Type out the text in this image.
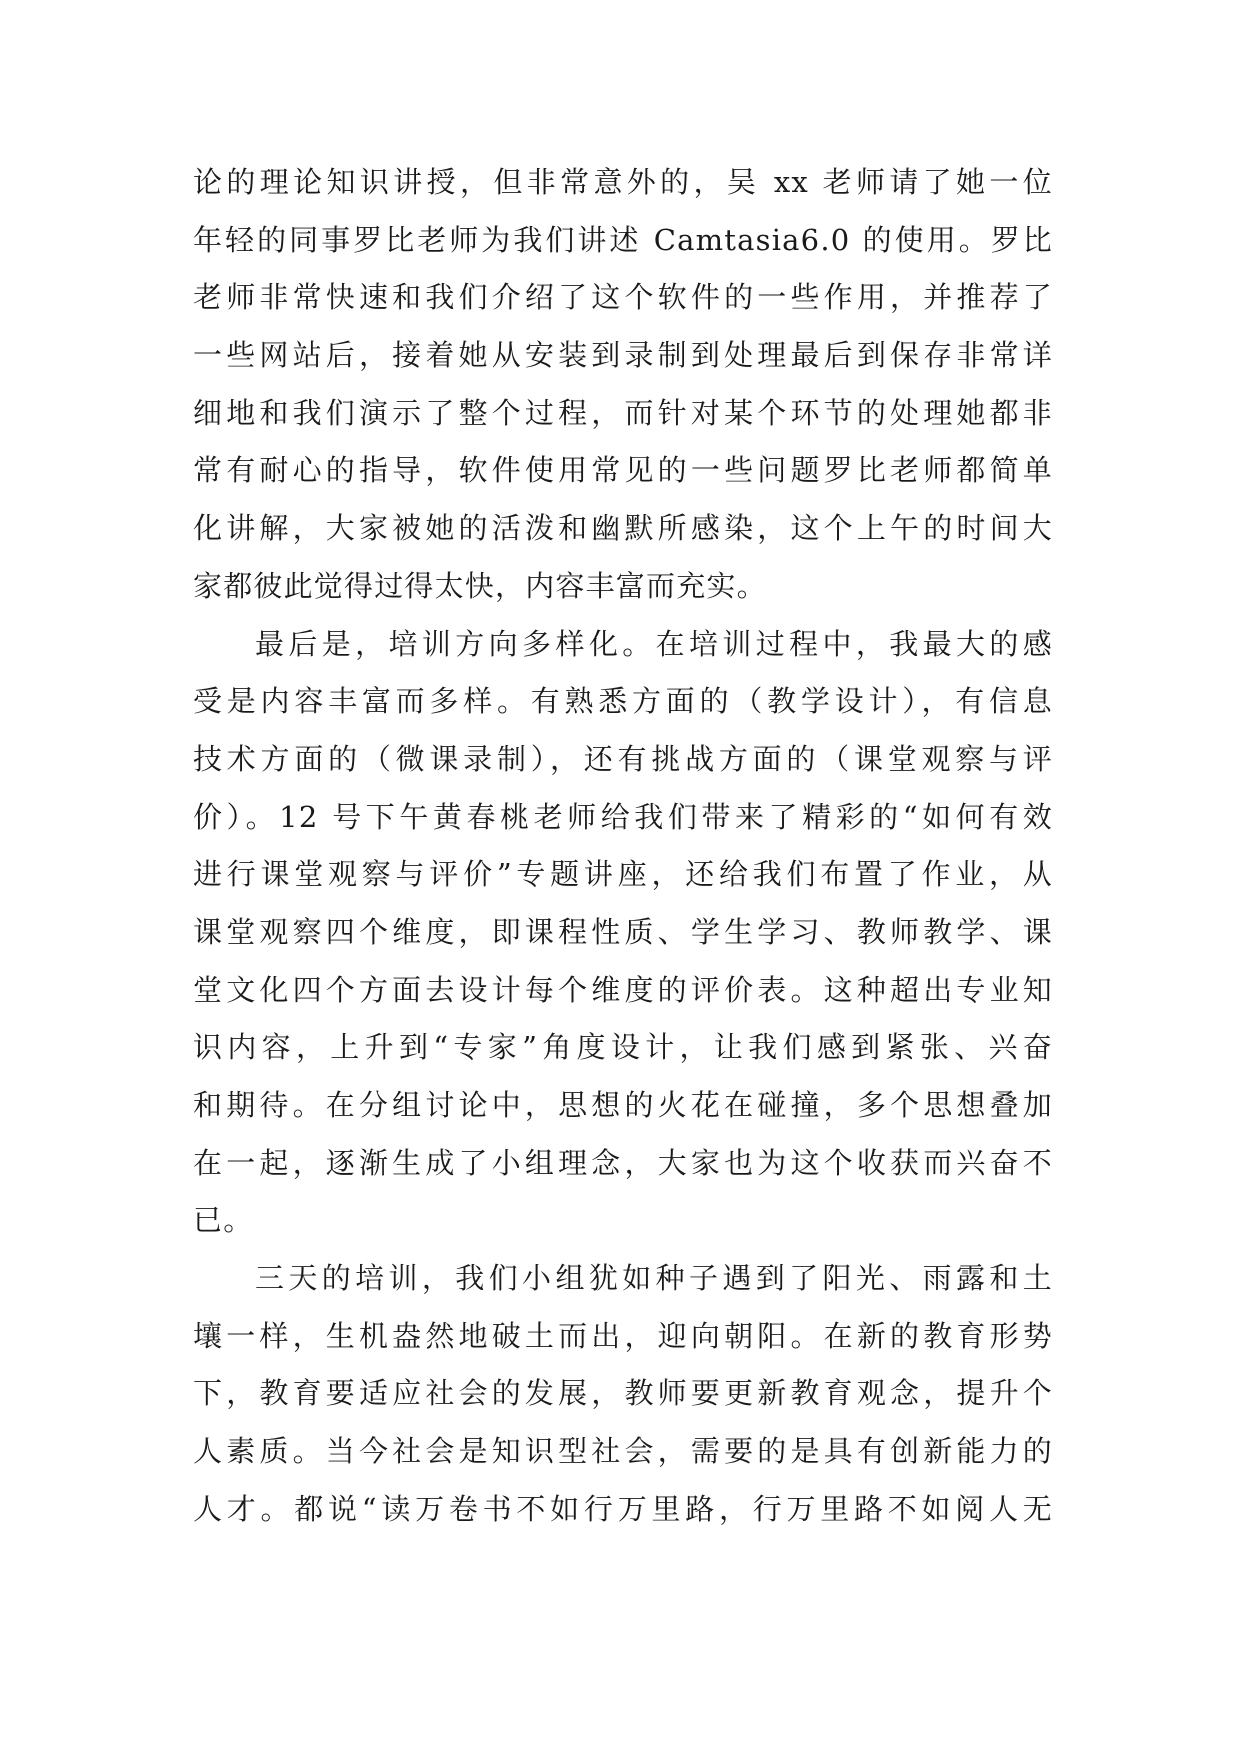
论的理论知识讲授，但非常意外的，吴 xx 老师请了她一位
年轻的同事罗比老师为我们讲述 Camtasia6.0 的使用。罗比
老师非常快速和我们介绍了这个软件的一些作用，并推荐了
一些网站后，接着她从安装到录制到处理最后到保存非常详
细地和我们演示了整个过程，而针对某个环节的处理她都非
常有耐心的指导，软件使用常见的一些问题罗比老师都简单
化讲解，大家被她的活泼和幽默所感染，这个上午的时间大
家都彼此觉得过得太快，内容丰富而充实。
最后是，培训方向多样化。在培训过程中，我最大的感
受是内容丰富而多样。有熟悉方面的（教学设计），有信息
技术方面的（微课录制），还有挑战方面的（课堂观察与评
价）。12 号下午黄春桃老师给我们带来了精彩的“如何有效
进行课堂观察与评价”专题讲座，还给我们布置了作业，从
课堂观察四个维度，即课程性质、学生学习、教师教学、课
堂文化四个方面去设计每个维度的评价表。这种超出专业知
识内容，上升到“专家”角度设计，让我们感到紧张、兴奋
和期待。在分组讨论中，思想的火花在碰撞，多个思想叠加
在一起，逐渐生成了小组理念，大家也为这个收获而兴奋不
已。
三天的培训，我们小组犹如种子遇到了阳光、雨露和土
壤一样，生机盎然地破土而出，迎向朝阳。在新的教育形势
下，教育要适应社会的发展，教师要更新教育观念，提升个
人素质。当今社会是知识型社会，需要的是具有创新能力的
人才。都说“读万卷书不如行万里路，行万里路不如阅人无
